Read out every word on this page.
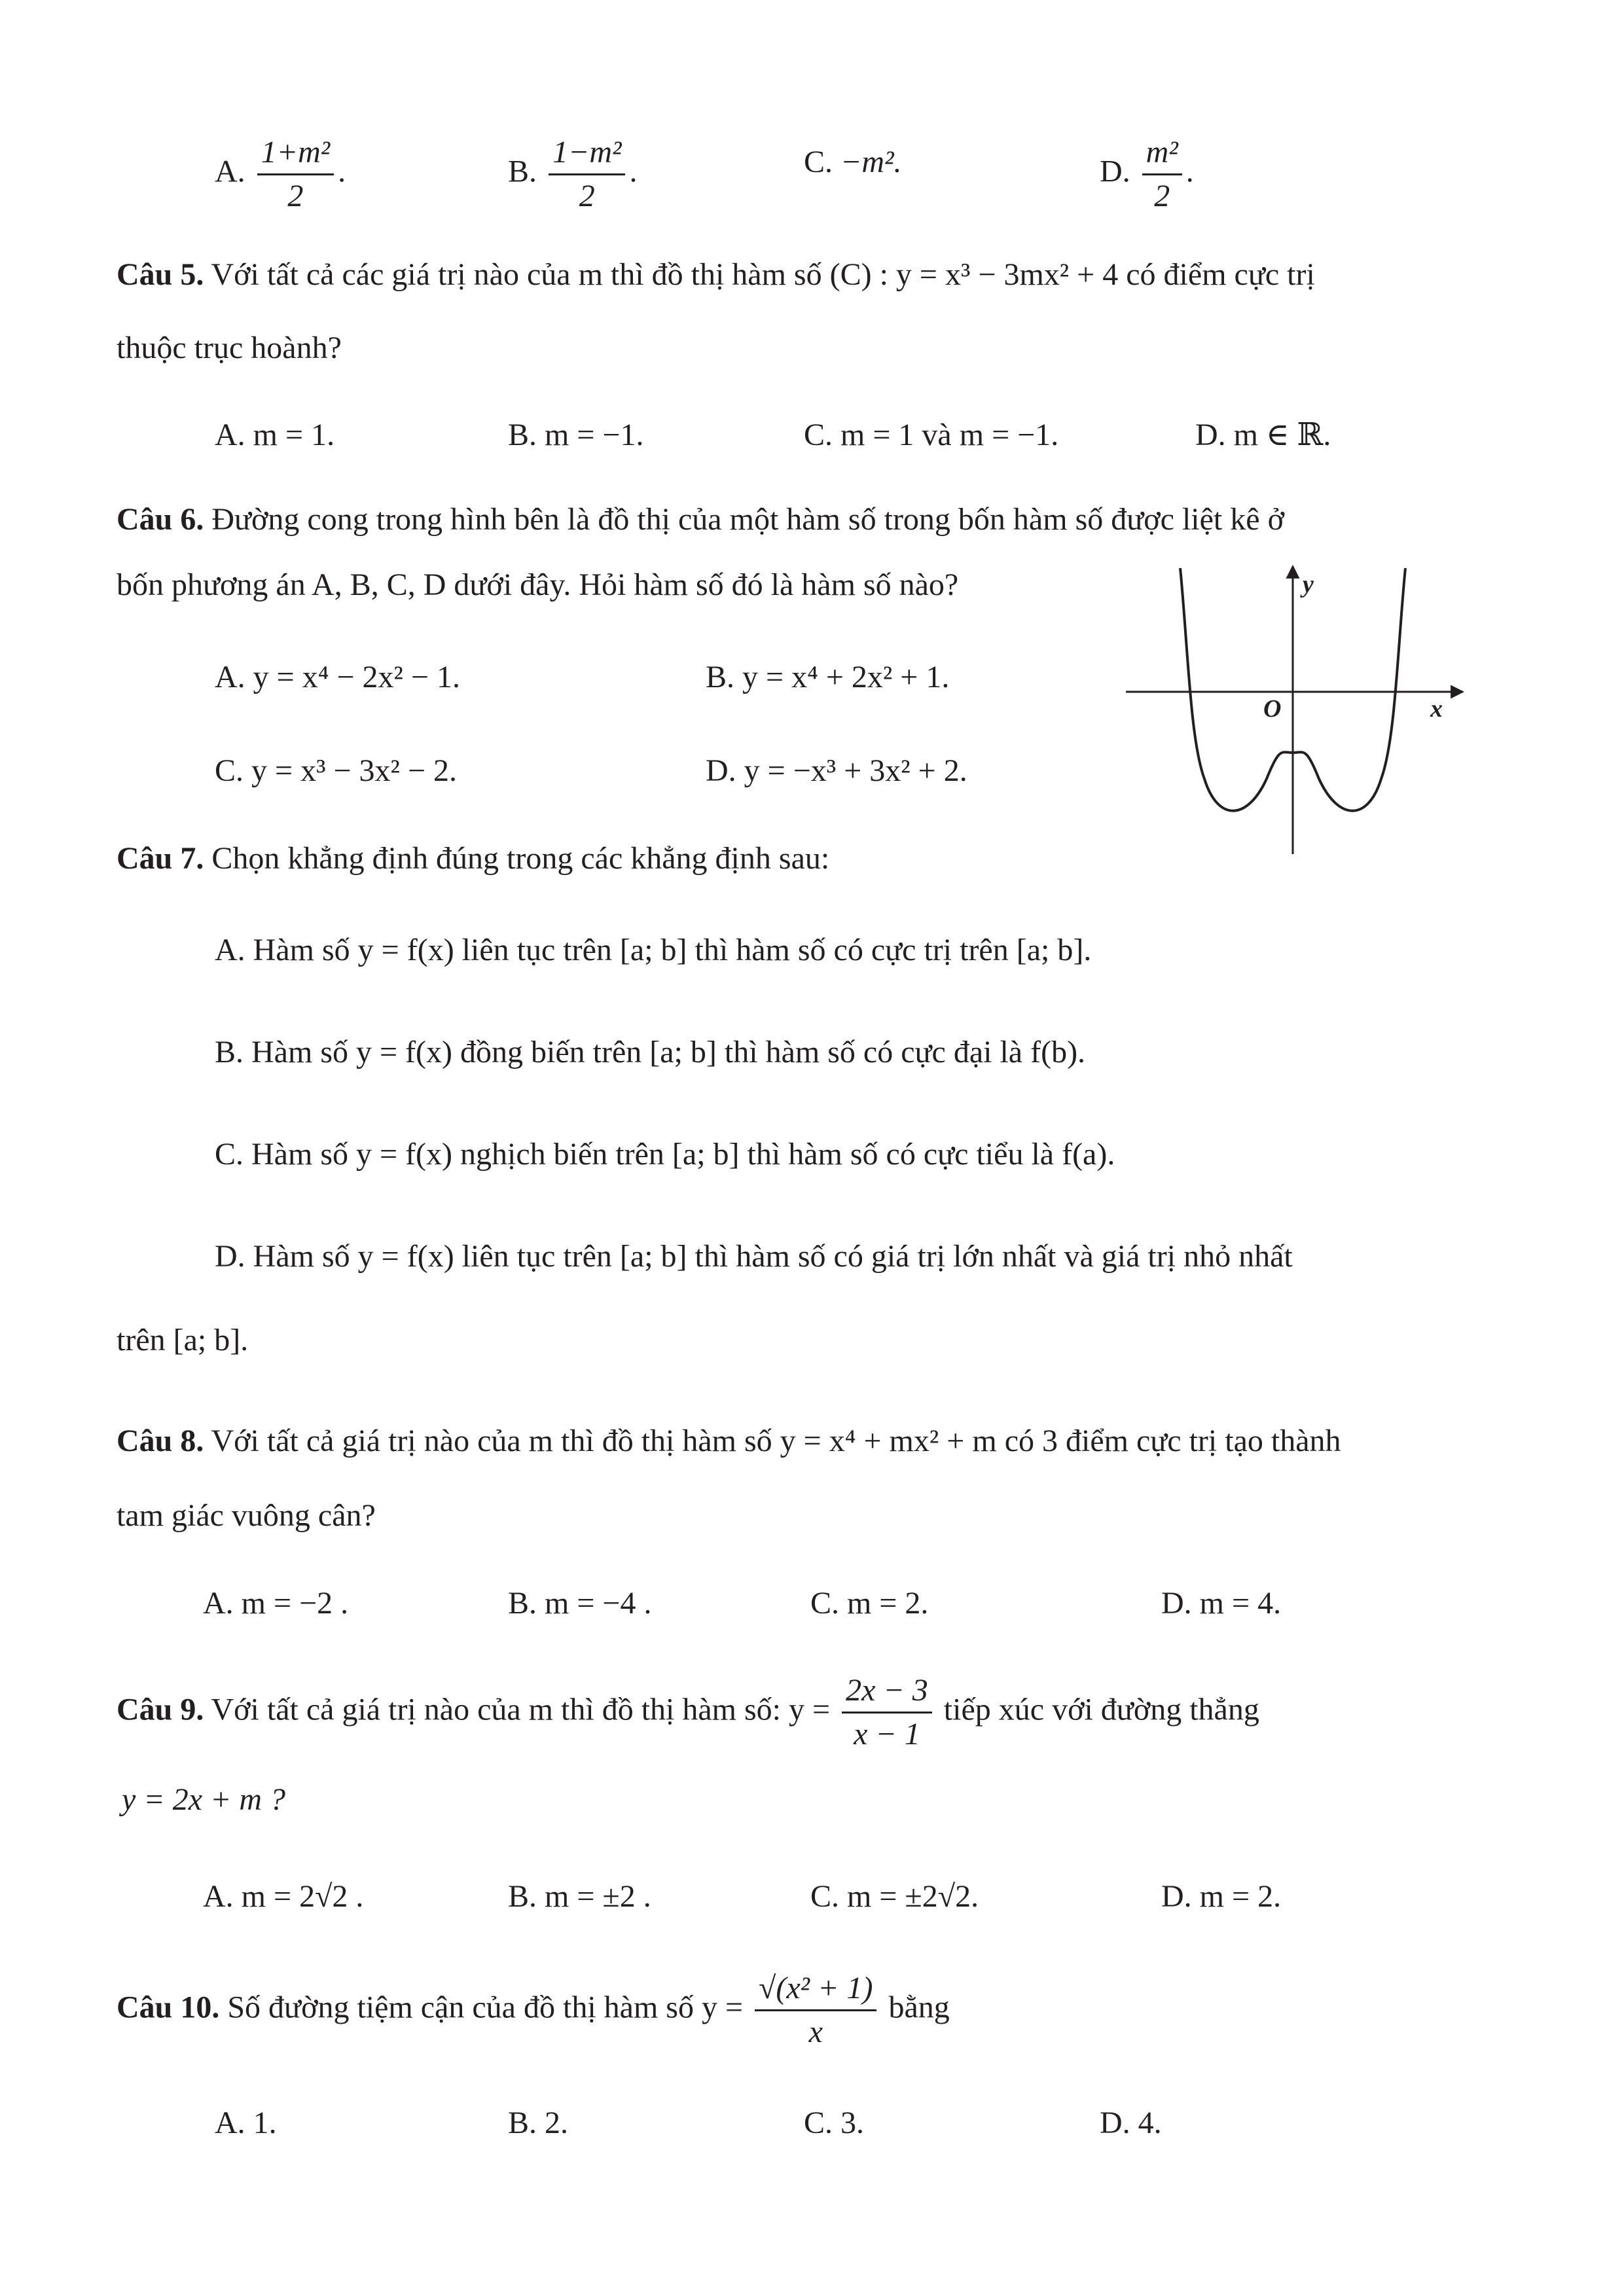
A. $\frac{\text{1+m²}}{2}$ .	B. $\frac{\text{1−m²}}{2}$ .	C. −m².	D. $\frac{\text{m²}}{2}$ .
Câu 5. Với tất cả các giá trị nào của m thì đồ thị hàm số (C) : y = x³ − 3mx² + 4 có điểm cực trị
thuộc trục hoành?
A. m = 1.	B. m = −1.	C. m = 1 và m = −1.	D. m ∈ ℝ.
Câu 6. Đường cong trong hình bên là đồ thị của một hàm số trong bốn hàm số được liệt kê ở
bốn phương án A, B, C, D dưới đây. Hỏi hàm số đó là hàm số nào?
A. y = x⁴ − 2x² − 1.	B. y = x⁴ + 2x² + 1.
C. y = x³ − 3x² − 2.	D. y = −x³ + 3x² + 2.
y
x
O
Câu 7. Chọn khẳng định đúng trong các khẳng định sau:
A. Hàm số y = f(x) liên tục trên [a; b] thì hàm số có cực trị trên [a; b].
B. Hàm số y = f(x) đồng biến trên [a; b] thì hàm số có cực đại là f(b).
C. Hàm số y = f(x) nghịch biến trên [a; b] thì hàm số có cực tiểu là f(a).
D. Hàm số y = f(x) liên tục trên [a; b] thì hàm số có giá trị lớn nhất và giá trị nhỏ nhất
trên [a; b].
Câu 8. Với tất cả giá trị nào của m thì đồ thị hàm số y = x⁴ + mx² + m có 3 điểm cực trị tạo thành
tam giác vuông cân?
A. m = −2 .	B. m = −4 .	C. m = 2.	D. m = 4.
Câu 9. Với tất cả giá trị nào của m thì đồ thị hàm số: $y = \frac{2x - 3}{x - 1}$ tiếp xúc với đường thẳng
y = 2x + m ?
A. m = 2√2 .	B. m = ±2 .	C. m = ±2√2.	D. m = 2.
Câu 10. Số đường tiệm cận của đồ thị hàm số $y = \frac{\text{√(x² + 1)}}{x}$ bằng
A. 1.	B. 2.	C. 3.	D. 4.
